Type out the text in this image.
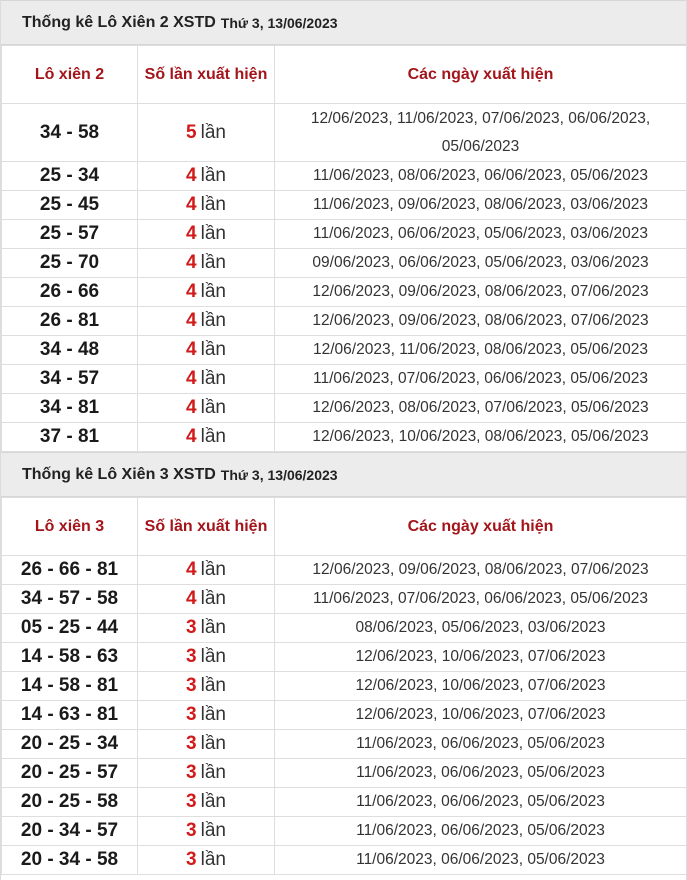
Thống kê Lô Xiên 2 XSTD Thứ 3, 13/06/2023
Lô xiên 2	Số lần xuất hiện	Các ngày xuất hiện
34 - 58	5 lần	12/06/2023, 11/06/2023, 07/06/2023, 06/06/2023, 05/06/2023
25 - 34	4 lần	11/06/2023, 08/06/2023, 06/06/2023, 05/06/2023
25 - 45	4 lần	11/06/2023, 09/06/2023, 08/06/2023, 03/06/2023
25 - 57	4 lần	11/06/2023, 06/06/2023, 05/06/2023, 03/06/2023
25 - 70	4 lần	09/06/2023, 06/06/2023, 05/06/2023, 03/06/2023
26 - 66	4 lần	12/06/2023, 09/06/2023, 08/06/2023, 07/06/2023
26 - 81	4 lần	12/06/2023, 09/06/2023, 08/06/2023, 07/06/2023
34 - 48	4 lần	12/06/2023, 11/06/2023, 08/06/2023, 05/06/2023
34 - 57	4 lần	11/06/2023, 07/06/2023, 06/06/2023, 05/06/2023
34 - 81	4 lần	12/06/2023, 08/06/2023, 07/06/2023, 05/06/2023
37 - 81	4 lần	12/06/2023, 10/06/2023, 08/06/2023, 05/06/2023
Thống kê Lô Xiên 3 XSTD Thứ 3, 13/06/2023
Lô xiên 3	Số lần xuất hiện	Các ngày xuất hiện
26 - 66 - 81	4 lần	12/06/2023, 09/06/2023, 08/06/2023, 07/06/2023
34 - 57 - 58	4 lần	11/06/2023, 07/06/2023, 06/06/2023, 05/06/2023
05 - 25 - 44	3 lần	08/06/2023, 05/06/2023, 03/06/2023
14 - 58 - 63	3 lần	12/06/2023, 10/06/2023, 07/06/2023
14 - 58 - 81	3 lần	12/06/2023, 10/06/2023, 07/06/2023
14 - 63 - 81	3 lần	12/06/2023, 10/06/2023, 07/06/2023
20 - 25 - 34	3 lần	11/06/2023, 06/06/2023, 05/06/2023
20 - 25 - 57	3 lần	11/06/2023, 06/06/2023, 05/06/2023
20 - 25 - 58	3 lần	11/06/2023, 06/06/2023, 05/06/2023
20 - 34 - 57	3 lần	11/06/2023, 06/06/2023, 05/06/2023
20 - 34 - 58	3 lần	11/06/2023, 06/06/2023, 05/06/2023
